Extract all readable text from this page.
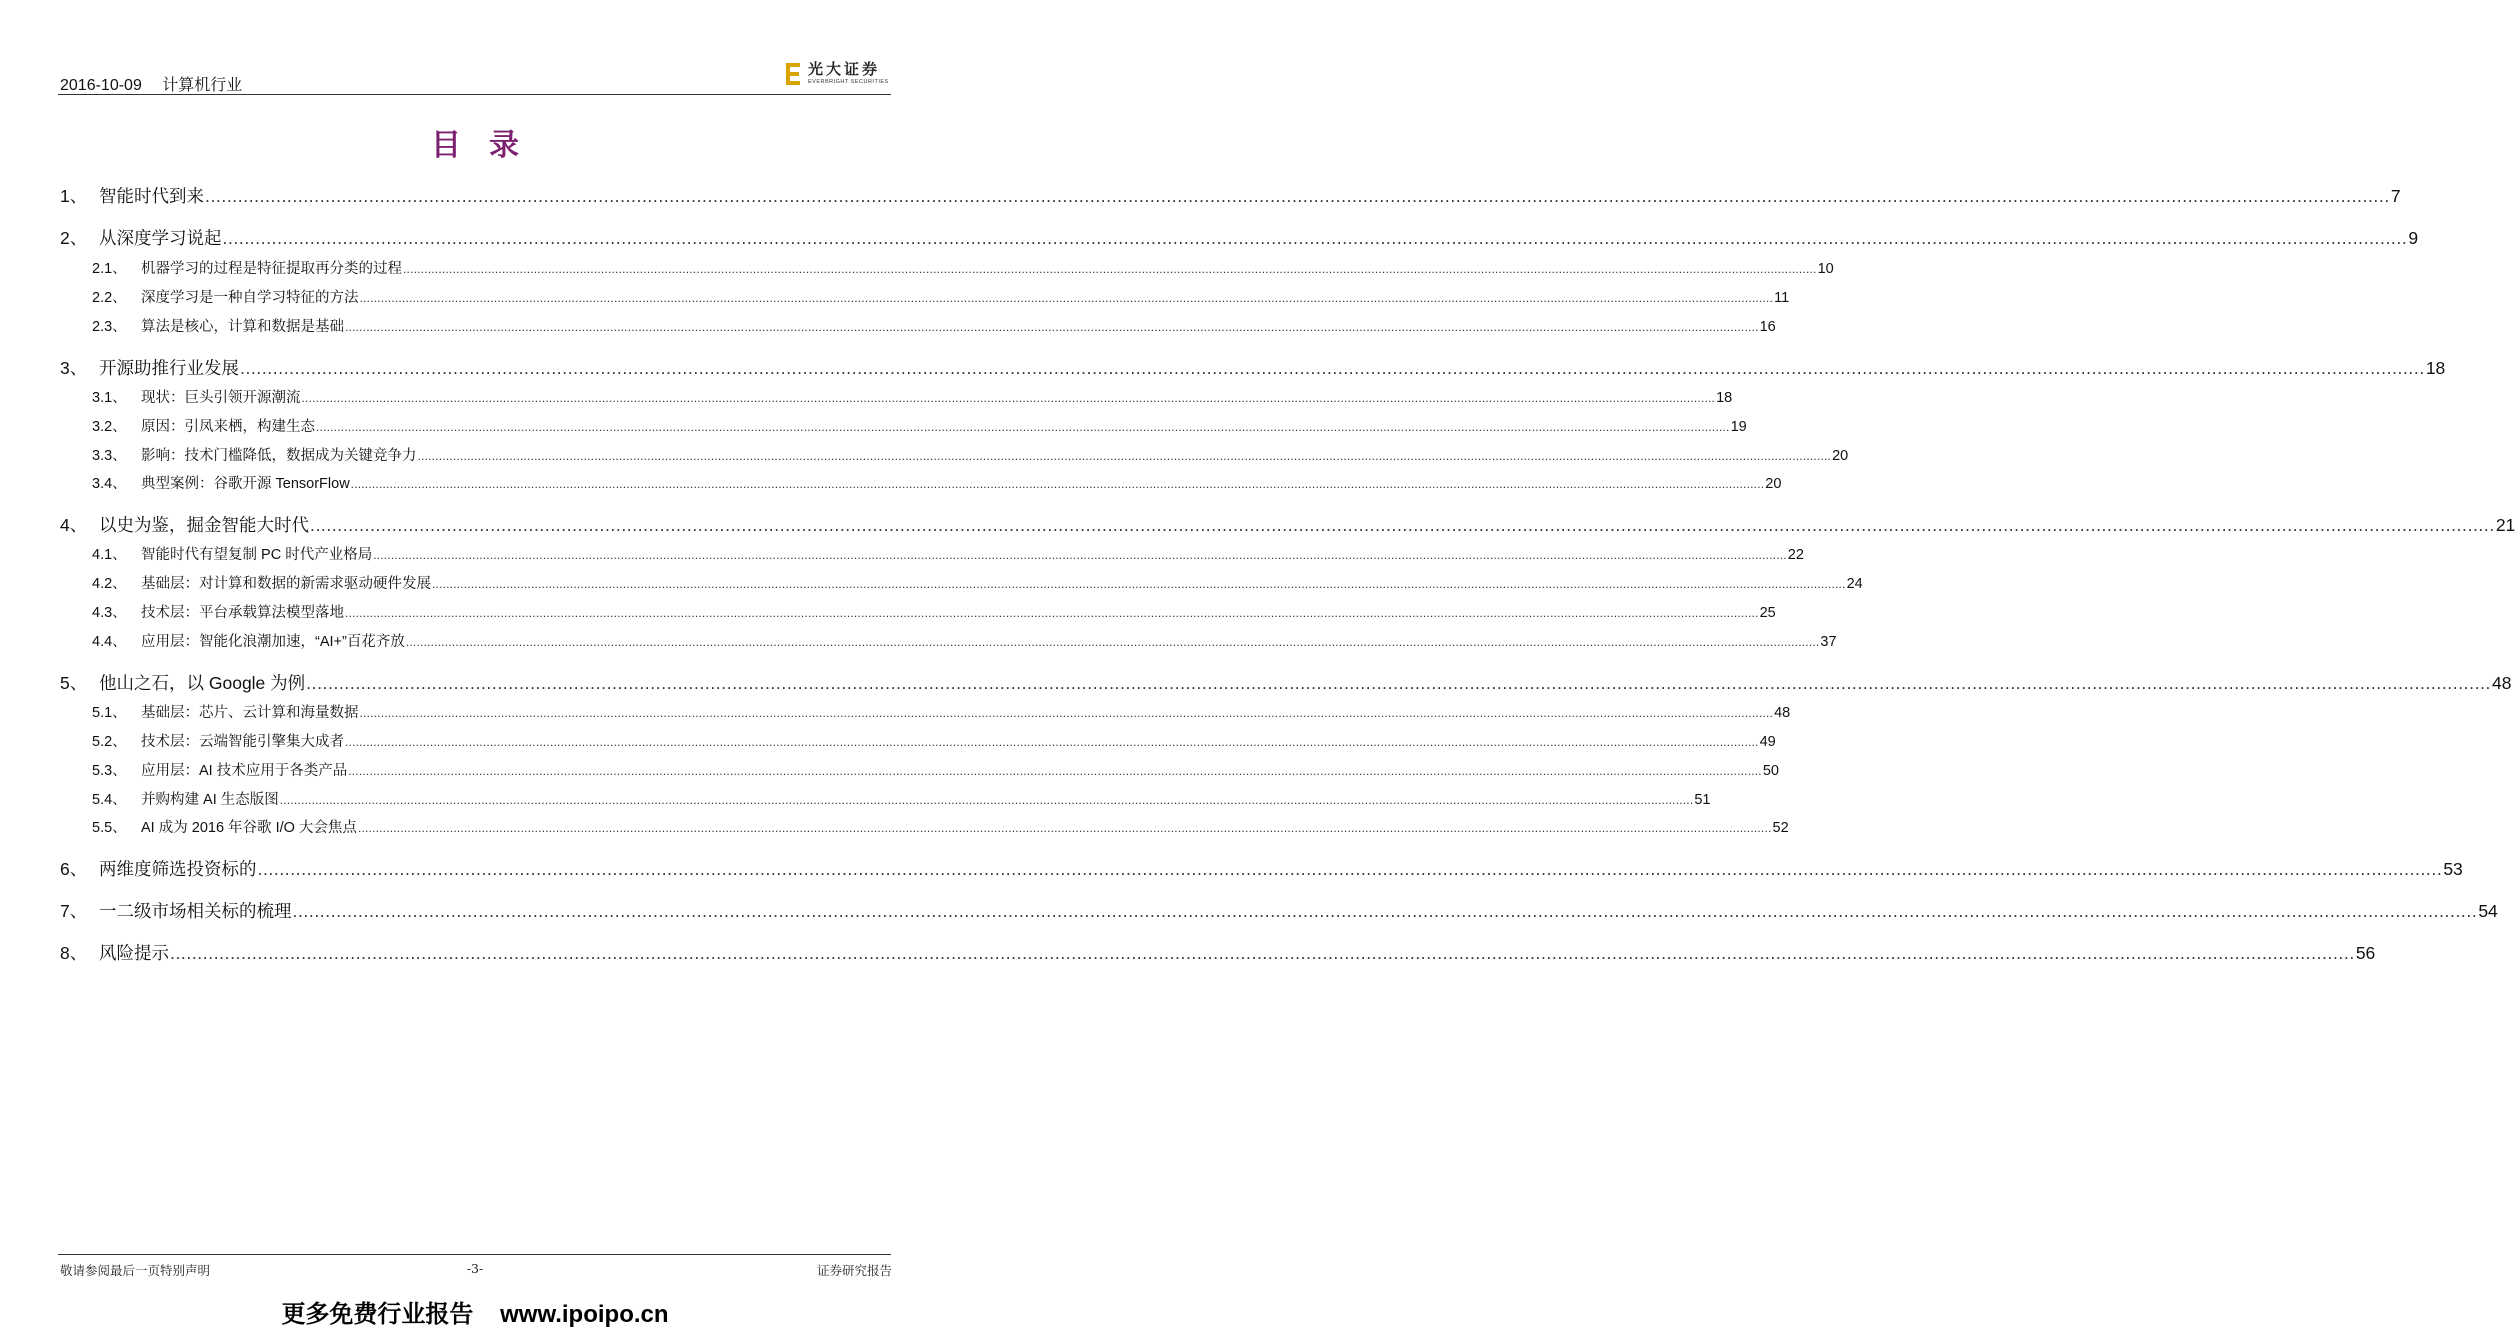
2016-10-09 计算机行业
光大证券
EVERBRIGHT SECURITIES
目录
1、 智能时代到来 ................................................................................................................................................................................................................................................................................................................................................................................................................ 7
2、 从深度学习说起 ................................................................................................................................................................................................................................................................................................................................................................................................................ 9
2.1、 机器学习的过程是特征提取再分类的过程 ................................................................................................................................................................................................................................................................................................................................................................................................................ 10
2.2、 深度学习是一种自学习特征的方法 ................................................................................................................................................................................................................................................................................................................................................................................................................ 11
2.3、 算法是核心，计算和数据是基础 ................................................................................................................................................................................................................................................................................................................................................................................................................ 16
3、 开源助推行业发展 ................................................................................................................................................................................................................................................................................................................................................................................................................ 18
3.1、 现状：巨头引领开源潮流 ................................................................................................................................................................................................................................................................................................................................................................................................................ 18
3.2、 原因：引凤来栖，构建生态 ................................................................................................................................................................................................................................................................................................................................................................................................................ 19
3.3、 影响：技术门槛降低，数据成为关键竞争力 ................................................................................................................................................................................................................................................................................................................................................................................................................ 20
3.4、 典型案例：谷歌开源 TensorFlow ................................................................................................................................................................................................................................................................................................................................................................................................................ 20
4、 以史为鉴，掘金智能大时代 ................................................................................................................................................................................................................................................................................................................................................................................................................ 21
4.1、 智能时代有望复制 PC 时代产业格局 ................................................................................................................................................................................................................................................................................................................................................................................................................ 22
4.2、 基础层：对计算和数据的新需求驱动硬件发展 ................................................................................................................................................................................................................................................................................................................................................................................................................ 24
4.3、 技术层：平台承载算法模型落地 ................................................................................................................................................................................................................................................................................................................................................................................................................ 25
4.4、 应用层：智能化浪潮加速，“AI+”百花齐放 ................................................................................................................................................................................................................................................................................................................................................................................................................ 37
5、 他山之石，以 Google 为例 ................................................................................................................................................................................................................................................................................................................................................................................................................ 48
5.1、 基础层：芯片、云计算和海量数据 ................................................................................................................................................................................................................................................................................................................................................................................................................ 48
5.2、 技术层：云端智能引擎集大成者 ................................................................................................................................................................................................................................................................................................................................................................................................................ 49
5.3、 应用层：AI 技术应用于各类产品 ................................................................................................................................................................................................................................................................................................................................................................................................................ 50
5.4、 并购构建 AI 生态版图 ................................................................................................................................................................................................................................................................................................................................................................................................................ 51
5.5、 AI 成为 2016 年谷歌 I/O 大会焦点 ................................................................................................................................................................................................................................................................................................................................................................................................................ 52
6、 两维度筛选投资标的 ................................................................................................................................................................................................................................................................................................................................................................................................................ 53
7、 一二级市场相关标的梳理 ................................................................................................................................................................................................................................................................................................................................................................................................................ 54
8、 风险提示 ................................................................................................................................................................................................................................................................................................................................................................................................................ 56
敬请参阅最后一页特别声明	-3-	证券研究报告
更多免费行业报告 www.ipoipo.cn
